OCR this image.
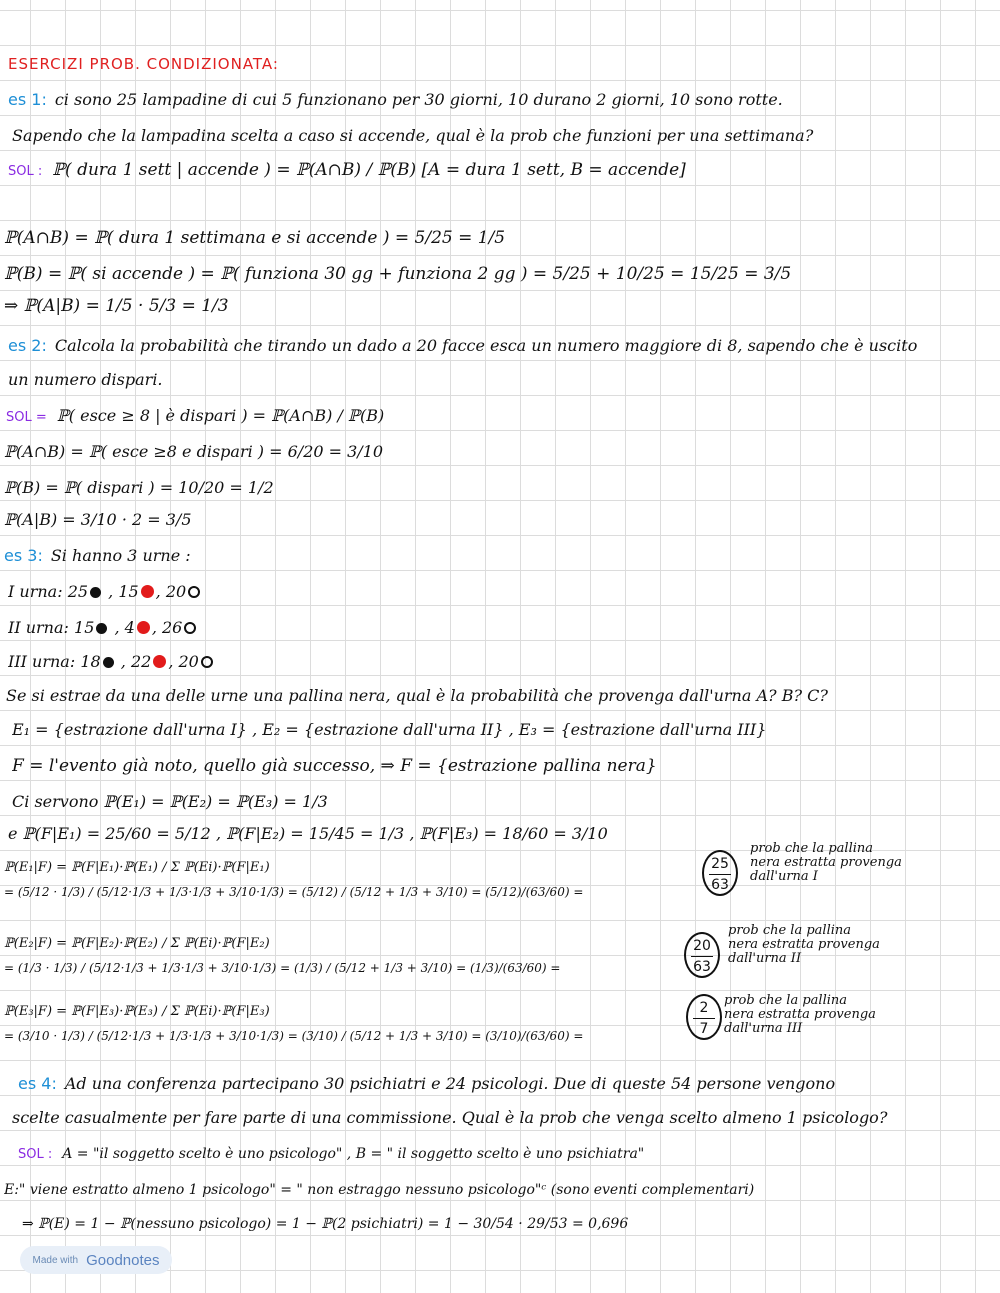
ESERCIZI PROB. CONDIZIONATA:
es 1: ci sono 25 lampadine di cui 5 funzionano per 30 giorni, 10 durano 2 giorni, 10 sono rotte.
Sapendo che la lampadina scelta a caso si accende, qual è la prob che funzioni per una settimana?
SOL : ℙ( dura 1 sett | accende ) = ℙ(A∩B) / ℙ(B) [A = dura 1 sett, B = accende]
ℙ(A∩B) = ℙ( dura 1 settimana e si accende ) = 5/25 = 1/5
ℙ(B) = ℙ( si accende ) = ℙ( funziona 30 gg + funziona 2 gg ) = 5/25 + 10/25 = 15/25 = 3/5
⇒ ℙ(A|B) = 1/5 · 5/3 = 1/3
es 2: Calcola la probabilità che tirando un dado a 20 facce esca un numero maggiore di 8, sapendo che è uscito
un numero dispari.
SOL = ℙ( esce ≥ 8 | è dispari ) = ℙ(A∩B) / ℙ(B)
ℙ(A∩B) = ℙ( esce ≥8 e dispari ) = 6/20 = 3/10
ℙ(B) = ℙ( dispari ) = 10/20 = 1/2
ℙ(A|B) = 3/10 · 2 = 3/5
es 3: Si hanno 3 urne :
I urna: 25 , 15 , 20
II urna: 15 , 4 , 26
III urna: 18 , 22 , 20
Se si estrae da una delle urne una pallina nera, qual è la probabilità che provenga dall'urna A? B? C?
E₁ = {estrazione dall'urna I} , E₂ = {estrazione dall'urna II} , E₃ = {estrazione dall'urna III}
F = l'evento già noto, quello già successo, ⇒ F = {estrazione pallina nera}
Ci servono ℙ(E₁) = ℙ(E₂) = ℙ(E₃) = 1/3
e ℙ(F|E₁) = 25/60 = 5/12 , ℙ(F|E₂) = 15/45 = 1/3 , ℙ(F|E₃) = 18/60 = 3/10
ℙ(E₁|F) = ℙ(F|E₁)·ℙ(E₁) / Σ ℙ(Ei)·ℙ(F|E₁)
= (5/12 · 1/3) / (5/12·1/3 + 1/3·1/3 + 3/10·1/3) = (5/12) / (5/12 + 1/3 + 3/10) = (5/12)/(63/60) =
25
63
prob che la pallina
nera estratta provenga
dall'urna I
ℙ(E₂|F) = ℙ(F|E₂)·ℙ(E₂) / Σ ℙ(Ei)·ℙ(F|E₂)
= (1/3 · 1/3) / (5/12·1/3 + 1/3·1/3 + 3/10·1/3) = (1/3) / (5/12 + 1/3 + 3/10) = (1/3)/(63/60) =
20
63
prob che la pallina
nera estratta provenga
dall'urna II
ℙ(E₃|F) = ℙ(F|E₃)·ℙ(E₃) / Σ ℙ(Ei)·ℙ(F|E₃)
= (3/10 · 1/3) / (5/12·1/3 + 1/3·1/3 + 3/10·1/3) = (3/10) / (5/12 + 1/3 + 3/10) = (3/10)/(63/60) =
2
7
prob che la pallina
nera estratta provenga
dall'urna III
es 4: Ad una conferenza partecipano 30 psichiatri e 24 psicologi. Due di queste 54 persone vengono
scelte casualmente per fare parte di una commissione. Qual è la prob che venga scelto almeno 1 psicologo?
SOL : A = "il soggetto scelto è uno psicologo" , B = " il soggetto scelto è uno psichiatra"
E:" viene estratto almeno 1 psicologo" = " non estraggo nessuno psicologo"ᶜ (sono eventi complementari)
⇒ ℙ(E) = 1 − ℙ(nessuno psicologo) = 1 − ℙ(2 psichiatri) = 1 − 30/54 · 29/53 = 0,696
Made with Goodnotes
